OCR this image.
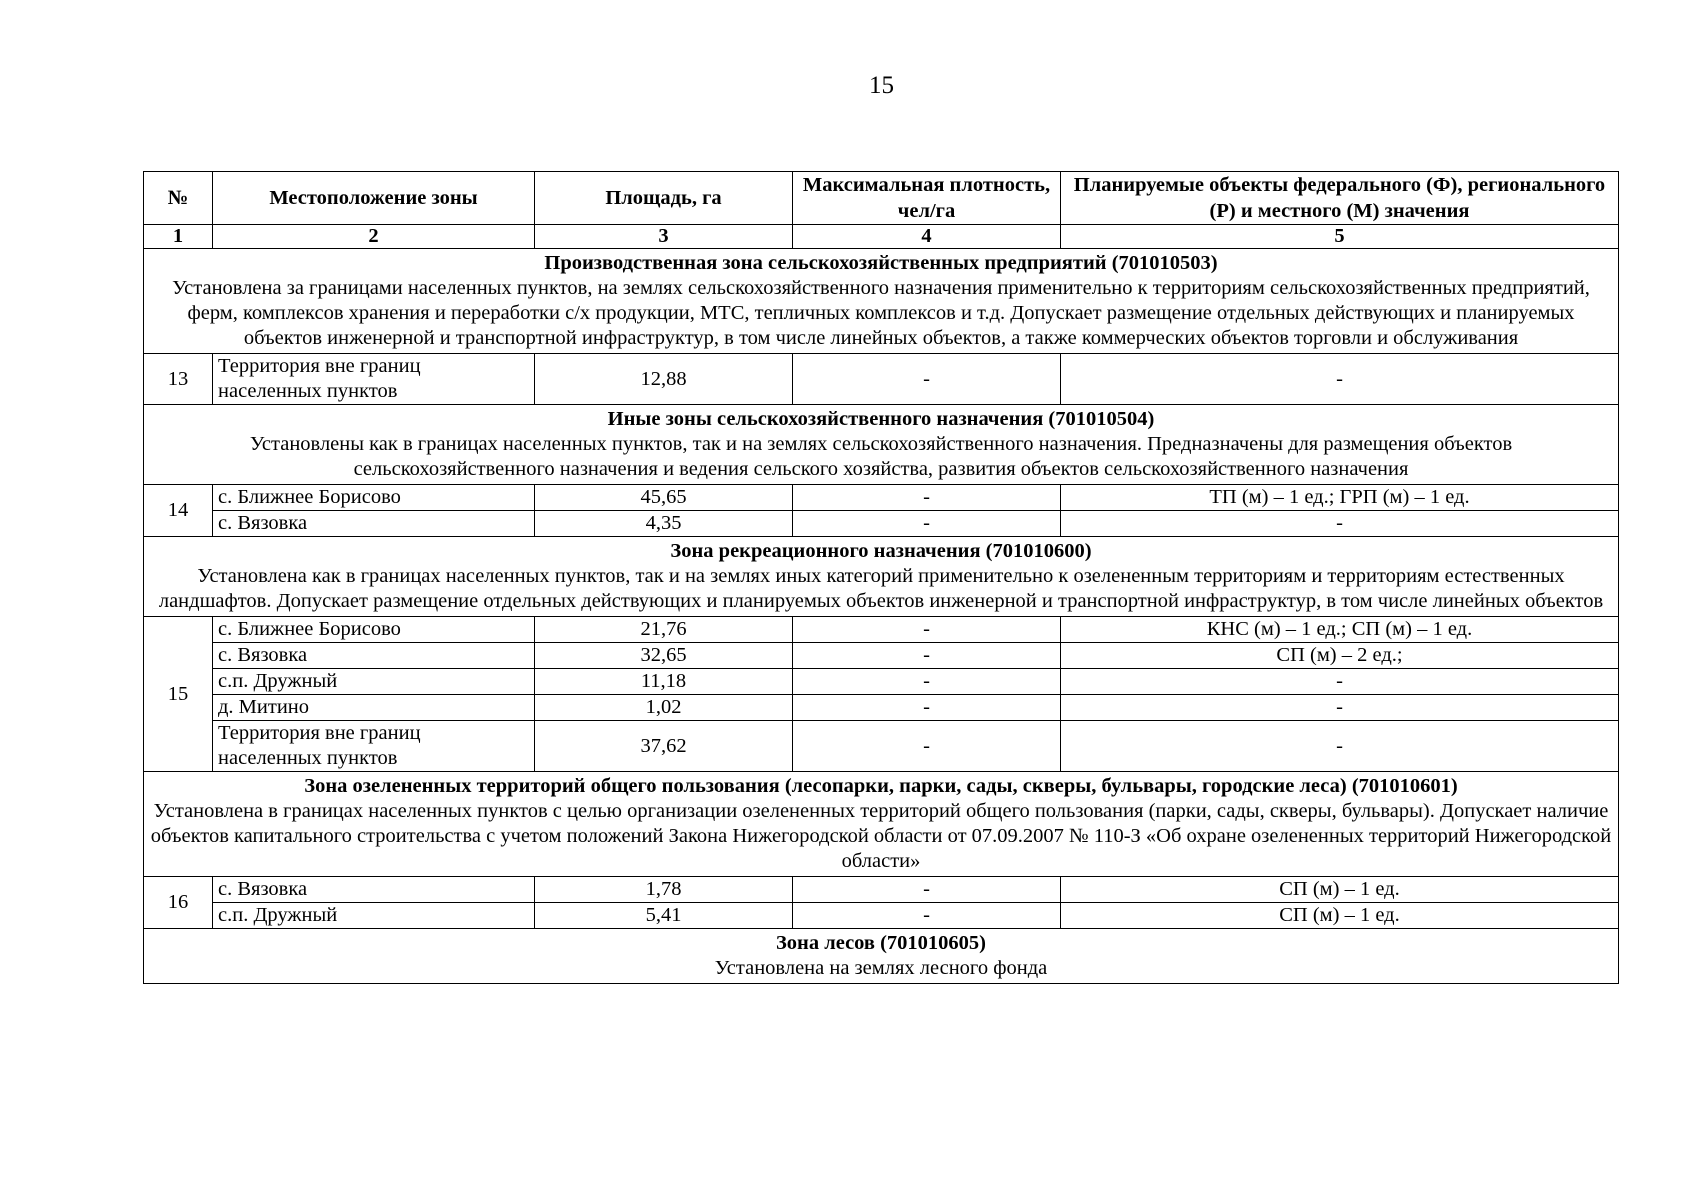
15
№	Местоположение зоны	Площадь, га	Максимальная плотность, чел/га	Планируемые объекты федерального (Ф), регионального (Р) и местного (М) значения
1	2	3	4	5

Производственная зона сельскохозяйственных предприятий (701010503)
Установлена за границами населенных пунктов, на землях сельскохозяйственного назначения применительно к территориям сельскохозяйственных предприятий, ферм, комплексов хранения и переработки с/х продукции, МТС, тепличных комплексов и т.д. Допускает размещение отдельных действующих и планируемых объектов инженерной и транспортной инфраструктур, в том числе линейных объектов, а также коммерческих объектов торговли и обслуживания				

13	Территория вне границ населенных пунктов	12,88	-	-

Иные зоны сельскохозяйственного назначения (701010504)
Установлены как в границах населенных пунктов, так и на землях сельскохозяйственного назначения. Предназначены для размещения объектов сельскохозяйственного назначения и ведения сельского хозяйства, развития объектов сельскохозяйственного назначения				

14	с. Ближнее Борисово	45,65	-	ТП (м) – 1 ед.; ГРП (м) – 1 ед.
	с. Вязовка	4,35	-	-

Зона рекреационного назначения (701010600)
Установлена как в границах населенных пунктов, так и на землях иных категорий применительно к озелененным территориям и территориям естественных ландшафтов. Допускает размещение отдельных действующих и планируемых объектов инженерной и транспортной инфраструктур, в том числе линейных объектов				

15	с. Ближнее Борисово	21,76	-	КНС (м) – 1 ед.; СП (м) – 1 ед.
	с. Вязовка	32,65	-	СП (м) – 2 ед.;
	с.п. Дружный	11,18	-	-
	д. Митино	1,02	-	-
	Территория вне границ населенных пунктов	37,62	-	-

Зона озелененных территорий общего пользования (лесопарки, парки, сады, скверы, бульвары, городские леса) (701010601)
Установлена в границах населенных пунктов с целью организации озелененных территорий общего пользования (парки, сады, скверы, бульвары). Допускает наличие объектов капитального строительства с учетом положений Закона Нижегородской области от 07.09.2007 № 110-З «Об охране озелененных территорий Нижегородской области»				

16	с. Вязовка	1,78	-	СП (м) – 1 ед.
	с.п. Дружный	5,41	-	СП (м) – 1 ед.

Зона лесов (701010605)
Установлена на землях лесного фонда				
